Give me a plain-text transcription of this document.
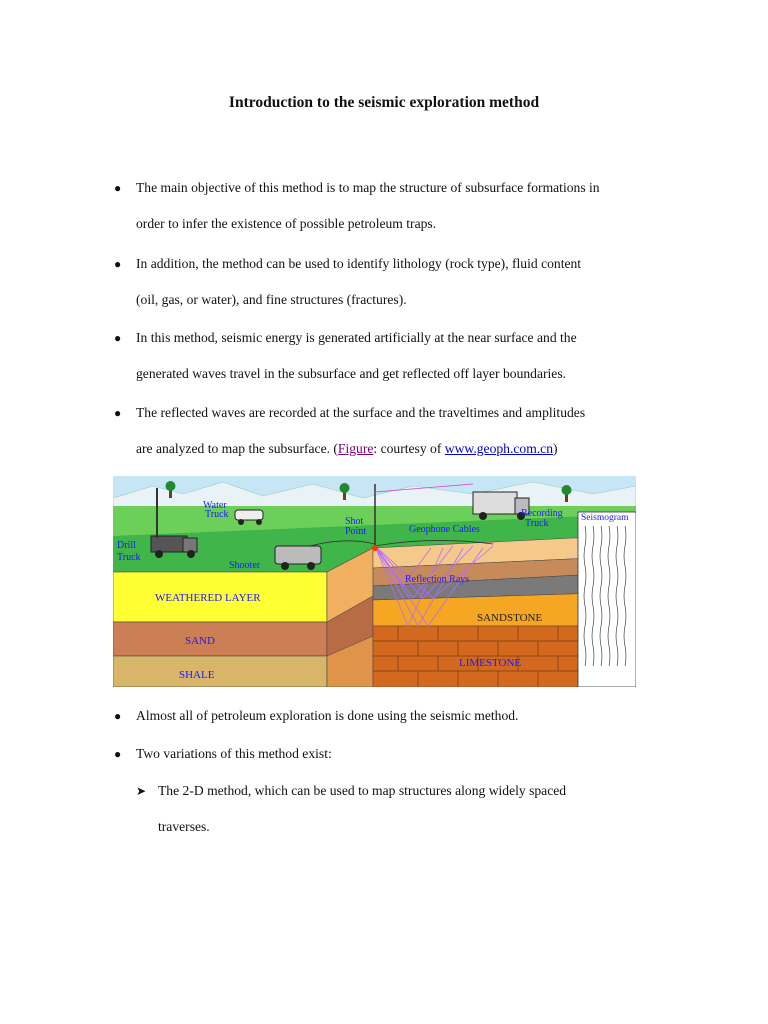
Introduction to the seismic exploration method
●	The main objective of this method is to map the structure of subsurface formations in
order to infer the existence of possible petroleum traps.
●	In addition, the method can be used to identify lithology (rock type), fluid content
(oil, gas, or water), and fine structures (fractures).
●	In this method, seismic energy is generated artificially at the near surface and the
generated waves travel in the subsurface and get reflected off layer boundaries.
●	The reflected waves are recorded at the surface and the traveltimes and amplitudes
are analyzed to map the subsurface. (Figure: courtesy of www.geoph.com.cn)
Water
Truck
Drill
Truck
Shot
Point	Geophone Cables
Recording
Truck	Seismogram
Shooter
Reflection Rays
WEATHERED LAYER
SAND
SHALE
SANDSTONE
LIMESTONE
●	Almost all of petroleum exploration is done using the seismic method.
●	Two variations of this method exist:
➤ The 2-D method, which can be used to map structures along widely spaced
traverses.
